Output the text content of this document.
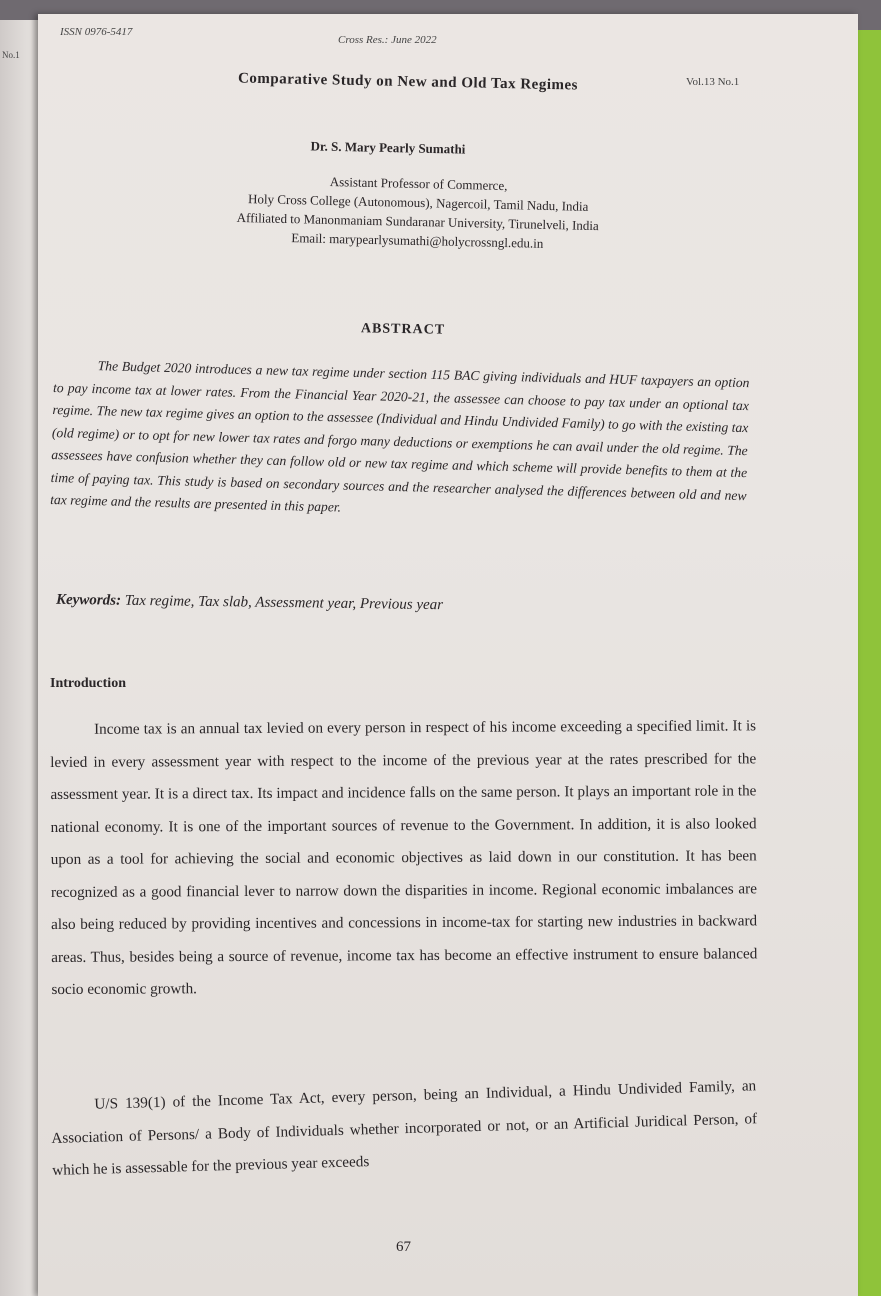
No.1
ISSN 0976-5417
Cross Res.: June 2022
Vol.13 No.1
Comparative Study on New and Old Tax Regimes
Dr. S. Mary Pearly Sumathi
Assistant Professor of Commerce,
Holy Cross College (Autonomous), Nagercoil, Tamil Nadu, India
Affiliated to Manonmaniam Sundaranar University, Tirunelveli, India
Email: marypearlysumathi@holycrossngl.edu.in
ABSTRACT

The Budget 2020 introduces a new tax regime under section 115 BAC giving individuals and HUF taxpayers an option to pay income tax at lower rates. From the Financial Year 2020-21, the assessee can choose to pay tax under an optional tax regime. The new tax regime gives an option to the assessee (Individual and Hindu Undivided Family) to go with the existing tax (old regime) or to opt for new lower tax rates and forgo many deductions or exemptions he can avail under the old regime. The assessees have confusion whether they can follow old or new tax regime and which scheme will provide benefits to them at the time of paying tax. This study is based on secondary sources and the researcher analysed the differences between old and new tax regime and the results are presented in this paper.

Keywords: Tax regime, Tax slab, Assessment year, Previous year

Introduction

Income tax is an annual tax levied on every person in respect of his income exceeding a specified limit. It is levied in every assessment year with respect to the income of the previous year at the rates prescribed for the assessment year. It is a direct tax. Its impact and incidence falls on the same person. It plays an important role in the national economy. It is one of the important sources of revenue to the Government. In addition, it is also looked upon as a tool for achieving the social and economic objectives as laid down in our constitution. It has been recognized as a good financial lever to narrow down the disparities in income. Regional economic imbalances are also being reduced by providing incentives and concessions in income-tax for starting new industries in backward areas. Thus, besides being a source of revenue, income tax has become an effective instrument to ensure balanced socio economic growth.

U/S 139(1) of the Income Tax Act, every person, being an Individual, a Hindu Undivided Family, an Association of Persons/ a Body of Individuals whether incorporated or not, or an Artificial Juridical Person, of which he is assessable for the previous year exceeds

67
